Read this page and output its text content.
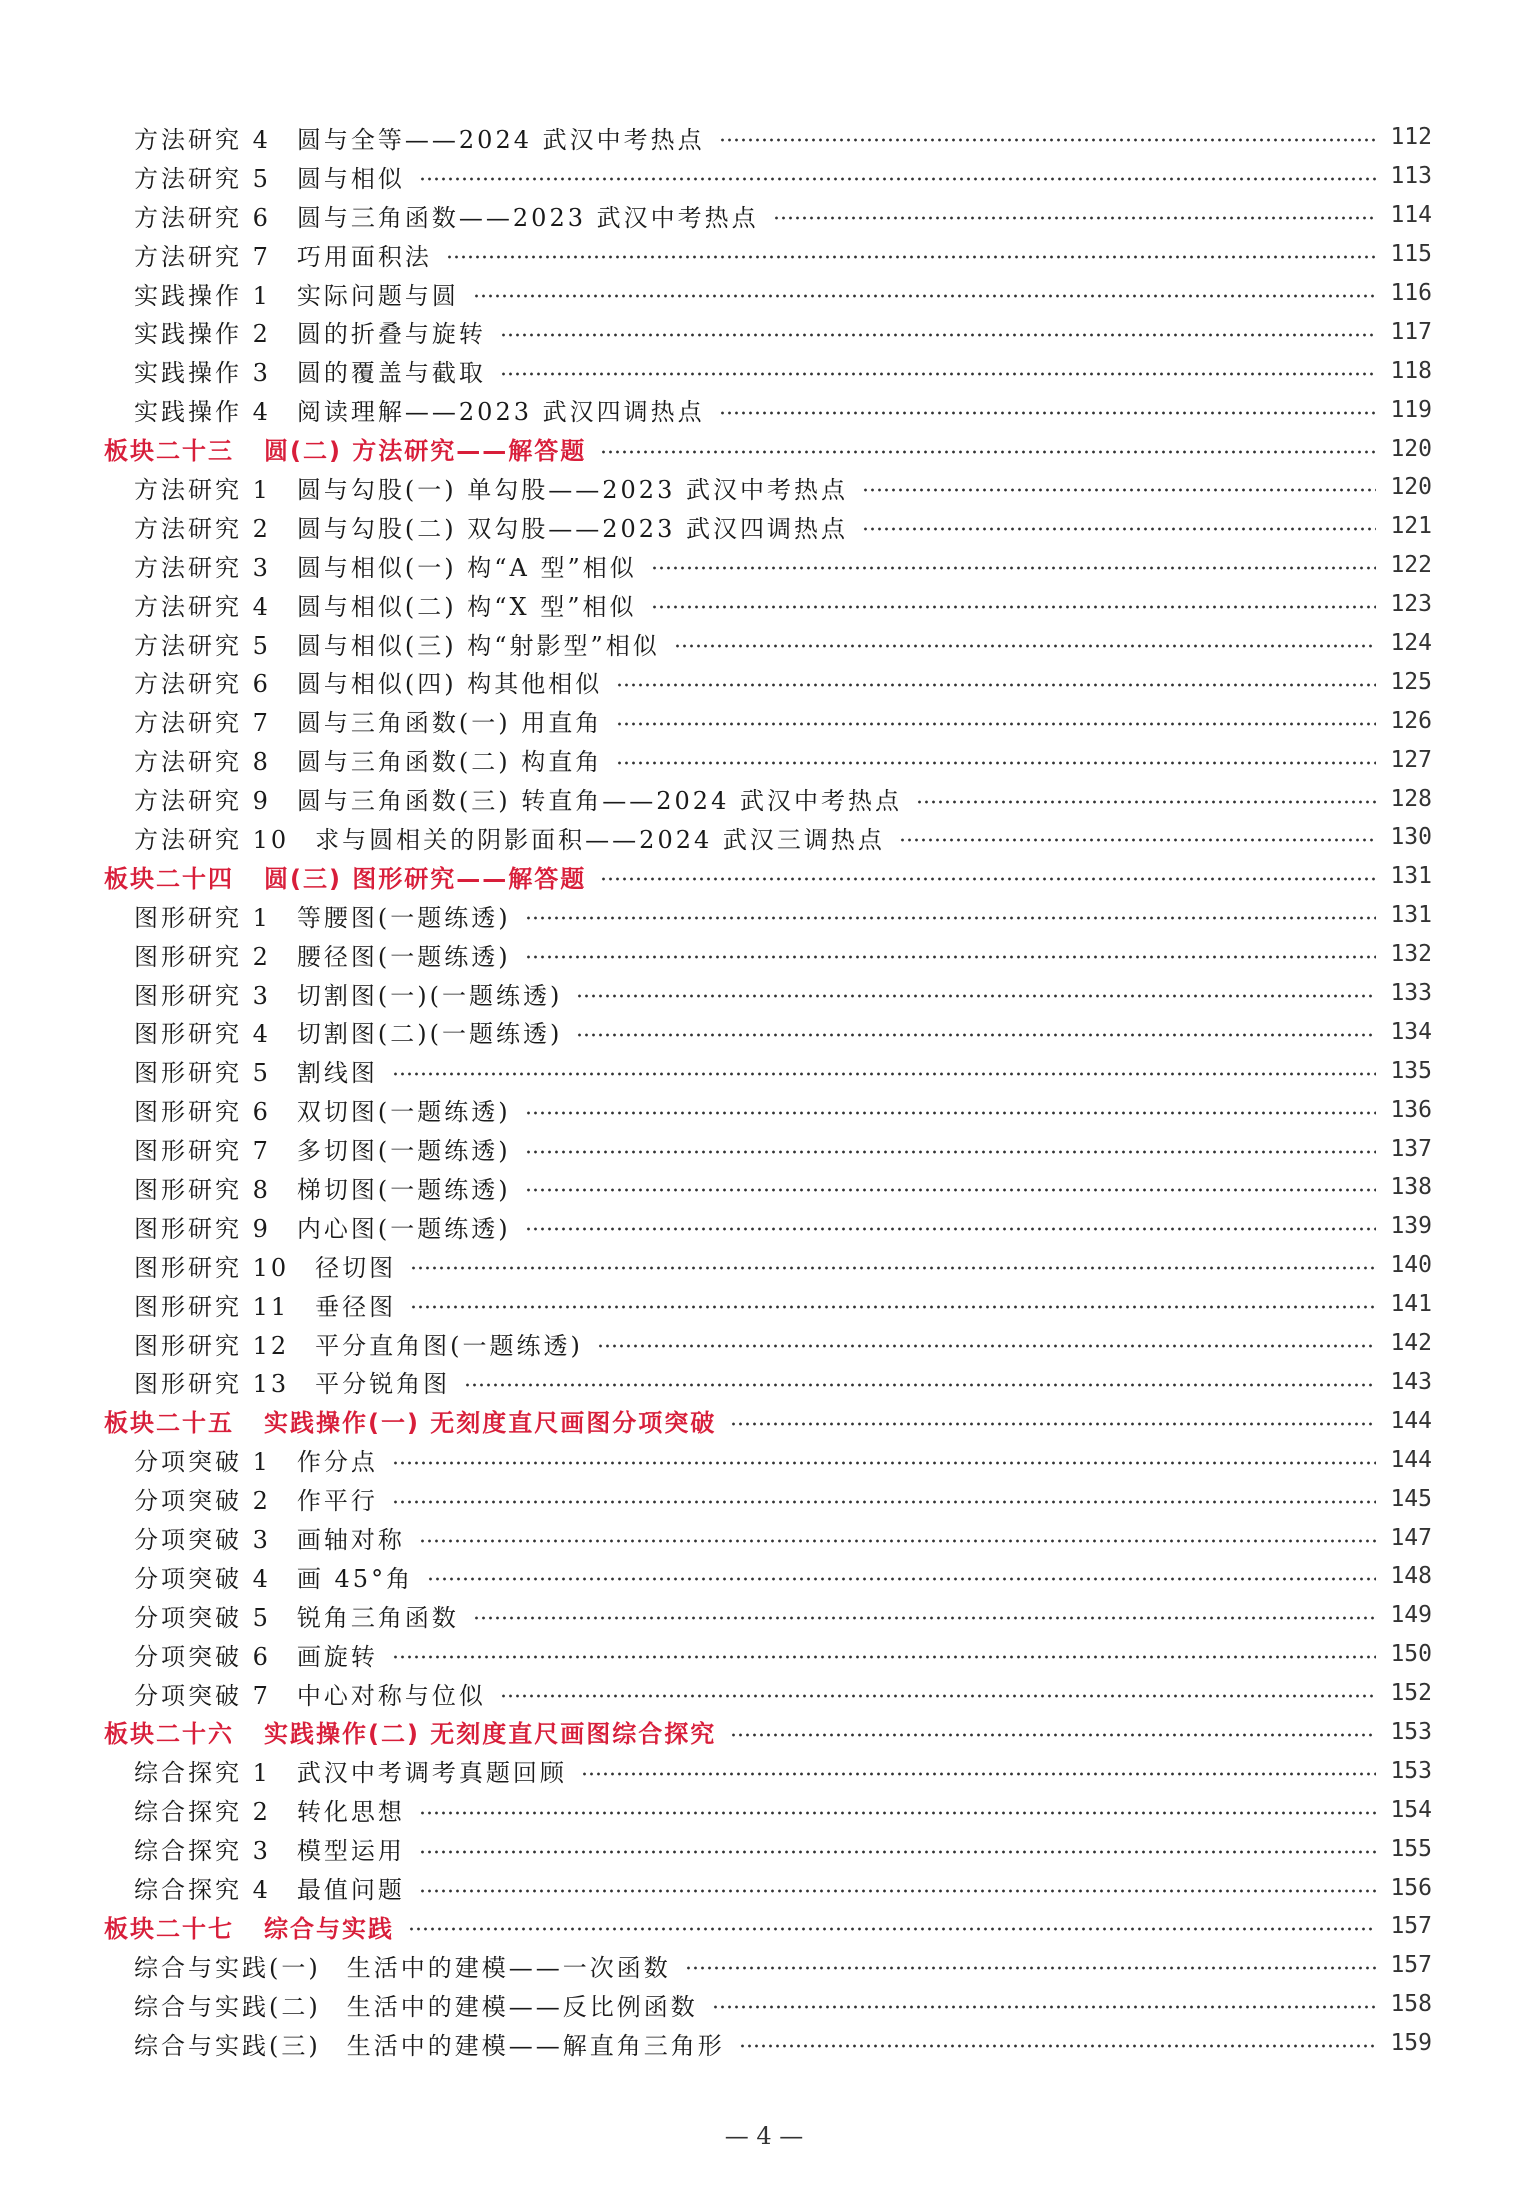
方法研究 4 圆与全等——2024 武汉中考热点	112
方法研究 5 圆与相似	113
方法研究 6 圆与三角函数——2023 武汉中考热点	114
方法研究 7 巧用面积法	115
实践操作 1 实际问题与圆	116
实践操作 2 圆的折叠与旋转	117
实践操作 3 圆的覆盖与截取	118
实践操作 4 阅读理解——2023 武汉四调热点	119
板块二十三 圆(二) 方法研究——解答题	120
方法研究 1 圆与勾股(一) 单勾股——2023 武汉中考热点	120
方法研究 2 圆与勾股(二) 双勾股——2023 武汉四调热点	121
方法研究 3 圆与相似(一) 构“A 型”相似	122
方法研究 4 圆与相似(二) 构“X 型”相似	123
方法研究 5 圆与相似(三) 构“射影型”相似	124
方法研究 6 圆与相似(四) 构其他相似	125
方法研究 7 圆与三角函数(一) 用直角	126
方法研究 8 圆与三角函数(二) 构直角	127
方法研究 9 圆与三角函数(三) 转直角——2024 武汉中考热点	128
方法研究 10 求与圆相关的阴影面积——2024 武汉三调热点	130
板块二十四 圆(三) 图形研究——解答题	131
图形研究 1 等腰图(一题练透)	131
图形研究 2 腰径图(一题练透)	132
图形研究 3 切割图(一)(一题练透)	133
图形研究 4 切割图(二)(一题练透)	134
图形研究 5 割线图	135
图形研究 6 双切图(一题练透)	136
图形研究 7 多切图(一题练透)	137
图形研究 8 梯切图(一题练透)	138
图形研究 9 内心图(一题练透)	139
图形研究 10 径切图	140
图形研究 11 垂径图	141
图形研究 12 平分直角图(一题练透)	142
图形研究 13 平分锐角图	143
板块二十五 实践操作(一) 无刻度直尺画图分项突破	144
分项突破 1 作分点	144
分项突破 2 作平行	145
分项突破 3 画轴对称	147
分项突破 4 画 45°角	148
分项突破 5 锐角三角函数	149
分项突破 6 画旋转	150
分项突破 7 中心对称与位似	152
板块二十六 实践操作(二) 无刻度直尺画图综合探究	153
综合探究 1 武汉中考调考真题回顾	153
综合探究 2 转化思想	154
综合探究 3 模型运用	155
综合探究 4 最值问题	156
板块二十七 综合与实践	157
综合与实践(一) 生活中的建模——一次函数	157
综合与实践(二) 生活中的建模——反比例函数	158
综合与实践(三) 生活中的建模——解直角三角形	159
— 4 —
